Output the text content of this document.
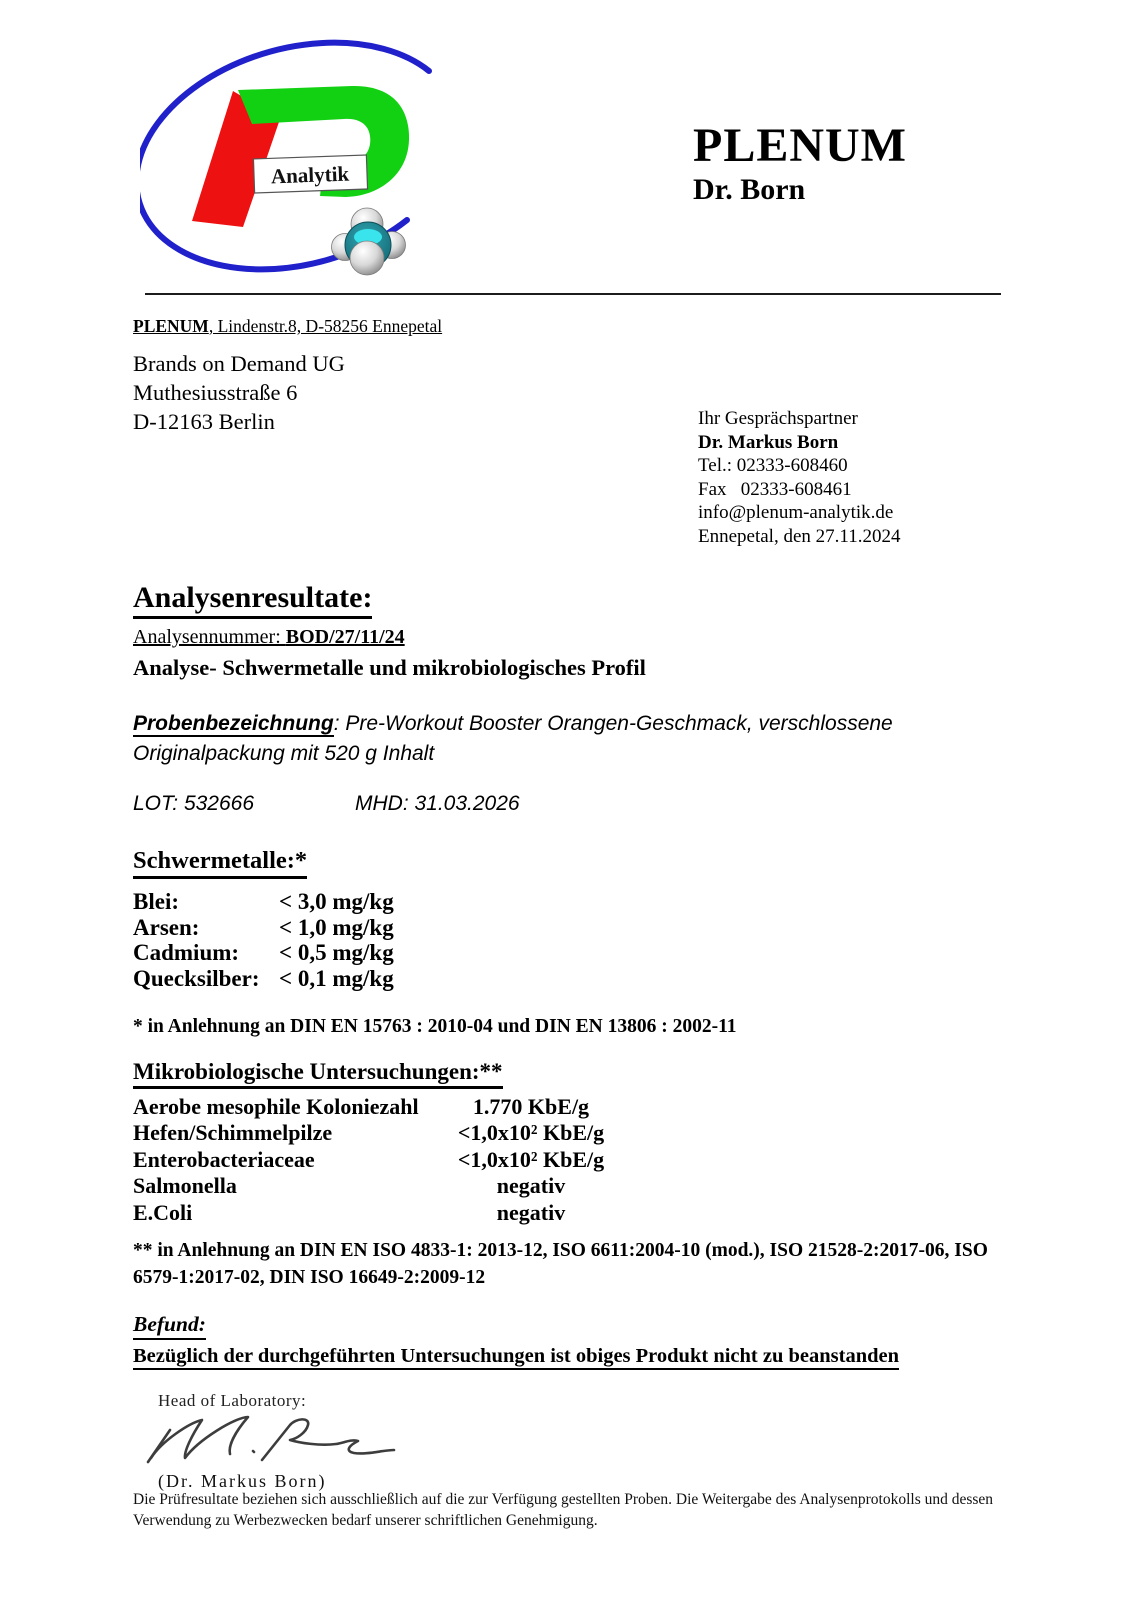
Analytik

PLENUM

Dr. Born

PLENUM, Lindenstr.8, D-58256 Ennepetal

Brands on Demand UG

Muthesiusstraße 6

D-12163 Berlin	Ihr Gesprächspartner

Dr. Markus Born

Tel.: 02333-608460

Fax   02333-608461

info@plenum-analytik.de

Ennepetal, den 27.11.2024

Analysenresultate:
Analysennummer: BOD/27/11/24
Analyse- Schwermetalle und mikrobiologisches Profil
Probenbezeichnung: Pre-Workout Booster Orangen-Geschmack, verschlossene Originalpackung mit 520 g Inhalt
LOT: 532666	MHD: 31.03.2026
Schwermetalle:*
Blei:	< 3,0 mg/kg
Arsen:	< 1,0 mg/kg
Cadmium:	< 0,5 mg/kg
Quecksilber: < 0,1 mg/kg
* in Anlehnung an DIN EN 15763 : 2010-04 und DIN EN 13806 : 2002-11
Mikrobiologische Untersuchungen:**
Aerobe mesophile Koloniezahl	1.770 KbE/g
Hefen/Schimmelpilze	<1,0x10² KbE/g
Enterobacteriaceae	<1,0x10² KbE/g
Salmonella	negativ
E.Coli	negativ
** in Anlehnung an DIN EN ISO 4833-1: 2013-12, ISO 6611:2004-10 (mod.), ISO 21528-2:2017-06, ISO 6579-1:2017-02, DIN ISO 16649-2:2009-12
Befund:
Bezüglich der durchgeführten Untersuchungen ist obiges Produkt nicht zu beanstanden
Head of Laboratory:
(Dr. Markus Born)
Die Prüfresultate beziehen sich ausschließlich auf die zur Verfügung gestellten Proben. Die Weitergabe des Analysenprotokolls und dessen Verwendung zu Werbezwecken bedarf unserer schriftlichen Genehmigung.
